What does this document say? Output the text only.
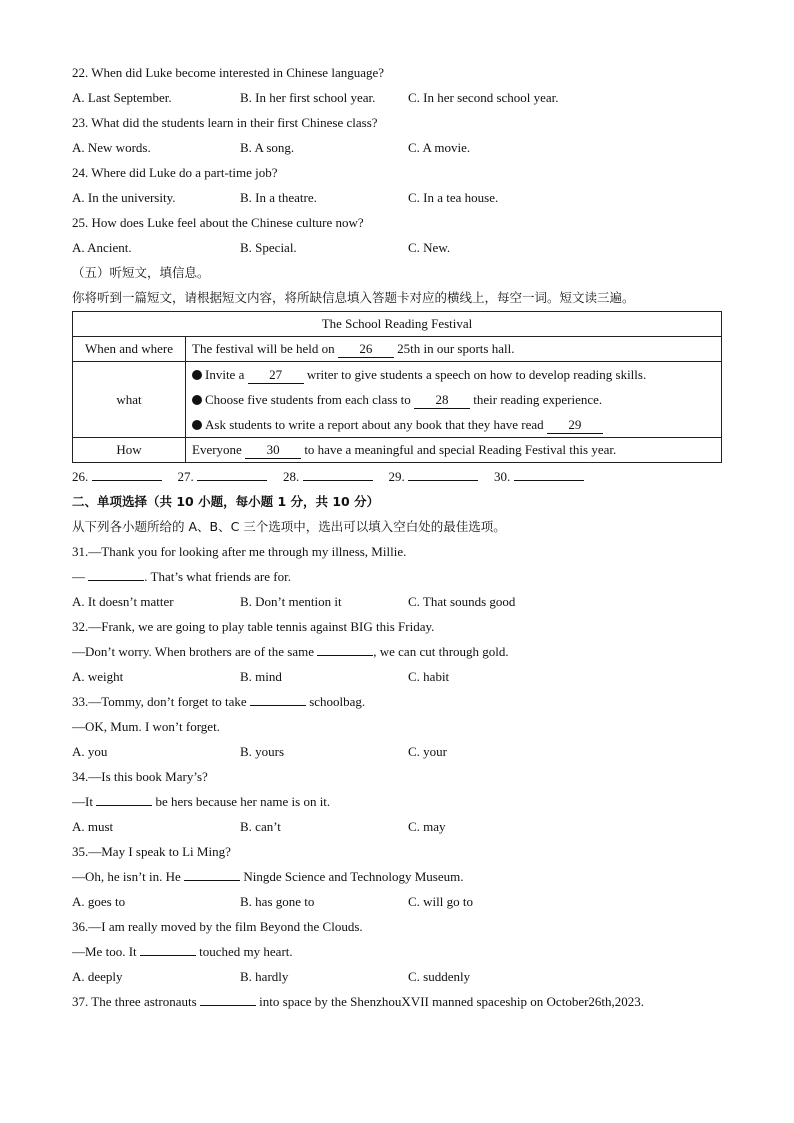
22. When did Luke become interested in Chinese language?
A. Last September.	B. In her first school year.	C. In her second school year.
23. What did the students learn in their first Chinese class?
A. New words.	B. A song.	C. A movie.
24. Where did Luke do a part-time job?
A. In the university.	B. In a theatre.	C. In a tea house.
25. How does Luke feel about the Chinese culture now?
A. Ancient.	B. Special.	C. New.
（五）听短文，填信息。
你将听到一篇短文，请根据短文内容，将所缺信息填入答题卡对应的横线上，每空一词。短文读三遍。
The School Reading Festival	
When and where	The festival will be held on 26 25th in our sports hall.
what	Invite a 27 writer to give students a speech on how to develop reading skills.
Choose five students from each class to 28 their reading experience.
Ask students to write a report about any book that they have read 29

How	Everyone 30 to have a meaningful and special Reading Festival this year.
26.	27.	28.	29.	30.
二、单项选择（共 10 小题，每小题 1 分，共 10 分）
从下列各小题所给的 A、B、C 三个选项中，选出可以填入空白处的最佳选项。
31.—Thank you for looking after me through my illness, Millie.
—	. That’s what friends are for.
A. It doesn’t matter	B. Don’t mention it	C. That sounds good
32.—Frank, we are going to play table tennis against BIG this Friday.
—Don’t worry. When brothers are of the same	, we can cut through gold.
A. weight	B. mind	C. habit
33.—Tommy, don’t forget to take	schoolbag.
—OK, Mum. I won’t forget.
A. you	B. yours	C. your
34.—Is this book Mary’s?
—It	be hers because her name is on it.
A. must	B. can’t	C. may
35.—May I speak to Li Ming?
—Oh, he isn’t in. He	Ningde Science and Technology Museum.
A. goes to	B. has gone to	C. will go to
36.—I am really moved by the film Beyond the Clouds.
—Me too. It	touched my heart.
A. deeply	B. hardly	C. suddenly
37. The three astronauts	into space by the ShenzhouXVII manned spaceship on October26th,2023.
